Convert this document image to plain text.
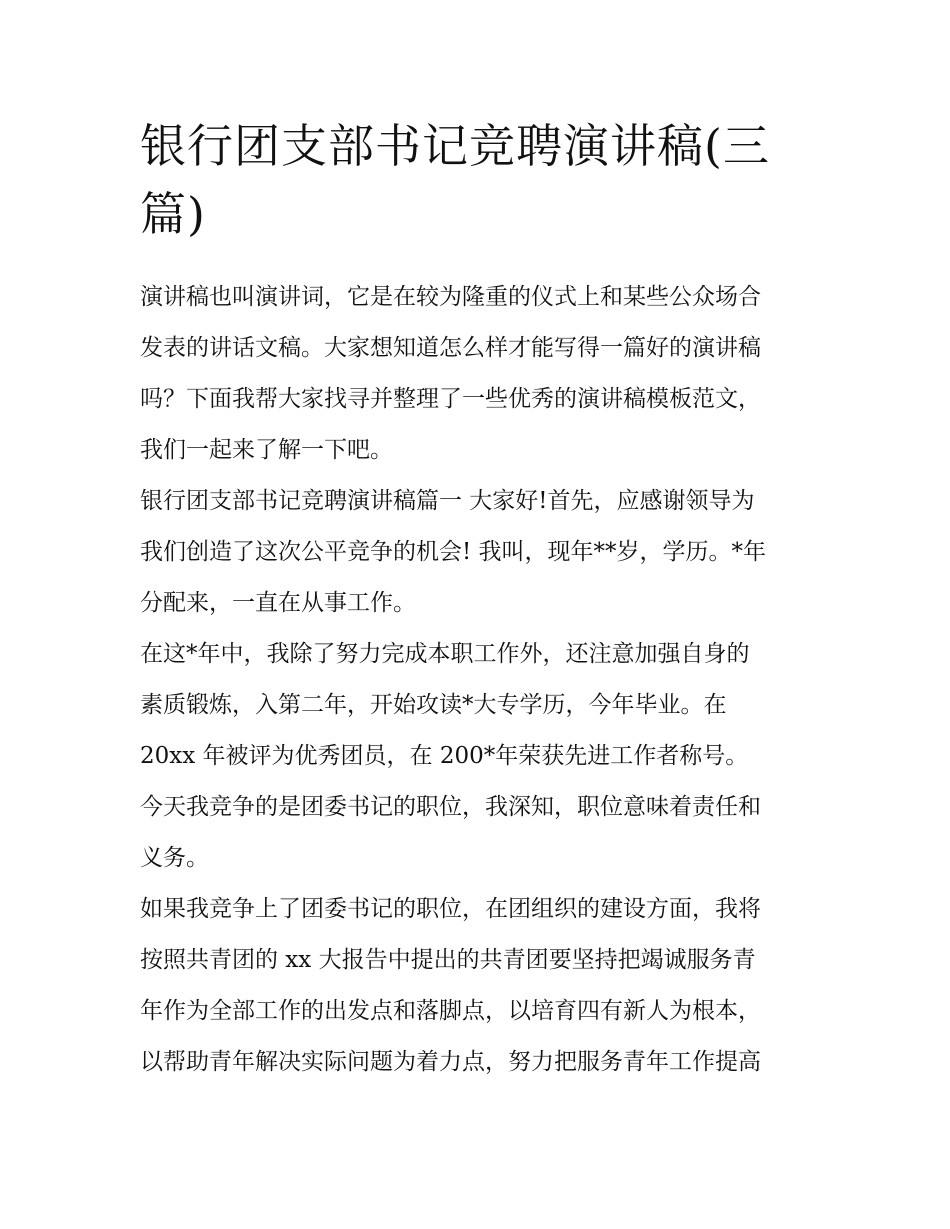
银行团支部书记竞聘演讲稿(三
篇)
演讲稿也叫演讲词，它是在较为隆重的仪式上和某些公众场合
发表的讲话文稿。大家想知道怎么样才能写得一篇好的演讲稿
吗？下面我帮大家找寻并整理了一些优秀的演讲稿模板范文，
我们一起来了解一下吧。
银行团支部书记竞聘演讲稿篇一 大家好!首先，应感谢领导为
我们创造了这次公平竞争的机会! 我叫，现年**岁，学历。*年
分配来，一直在从事工作。
在这*年中，我除了努力完成本职工作外，还注意加强自身的
素质锻炼，入第二年，开始攻读*大专学历，今年毕业。在
20xx 年被评为优秀团员，在 200*年荣获先进工作者称号。
今天我竞争的是团委书记的职位，我深知，职位意味着责任和
义务。
如果我竞争上了团委书记的职位，在团组织的建设方面，我将
按照共青团的 xx 大报告中提出的共青团要坚持把竭诚服务青
年作为全部工作的出发点和落脚点，以培育四有新人为根本，
以帮助青年解决实际问题为着力点，努力把服务青年工作提高
